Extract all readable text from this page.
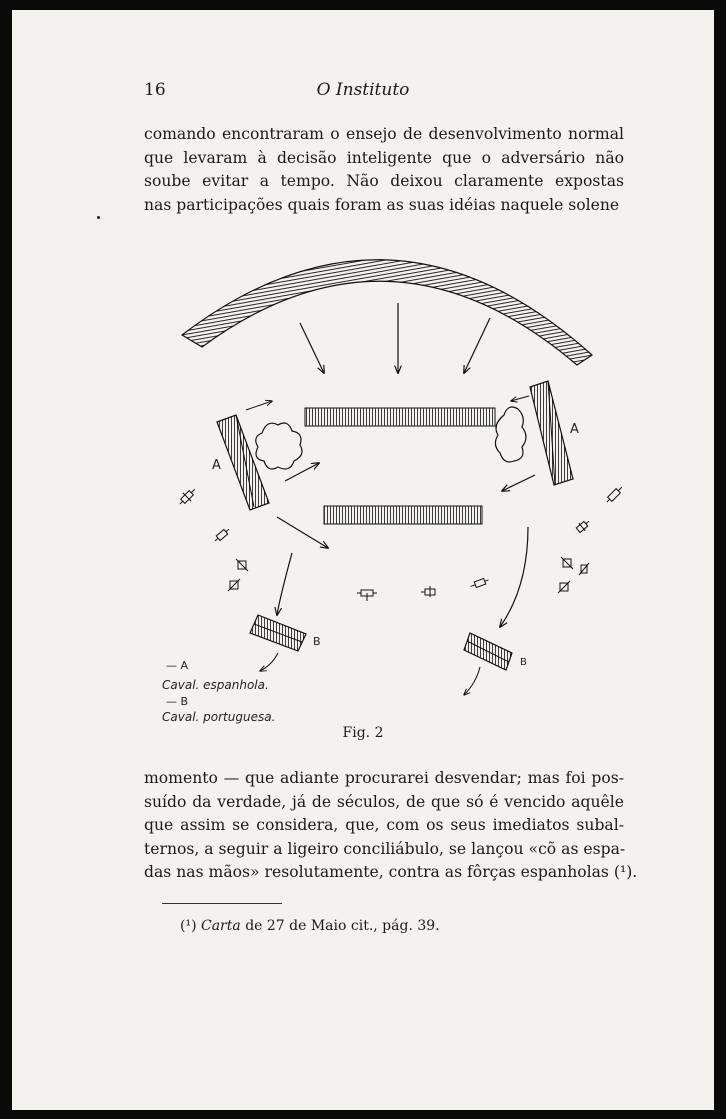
16	O Instituto

comando encontraram o ensejo de desenvolvimento normal
que levaram à decisão inteligente que o adversário não
soube evitar a tempo. Não deixou claramente expostas
nas participações quais foram as suas idéias naquele solene

A
A
B
B
— A
Caval. espanhola.
— B
Caval. portuguesa.
Fig. 2

momento — que adiante procurarei desvendar; mas foi pos-
suído da verdade, já de séculos, de que só é vencido aquêle
que assim se considera, que, com os seus imediatos subal-
ternos, a seguir a ligeiro conciliábulo, se lançou «cõ as espa-
das nas mãos» resolutamente, contra as fôrças espanholas (¹).

(¹) Carta de 27 de Maio cit., pág. 39.
